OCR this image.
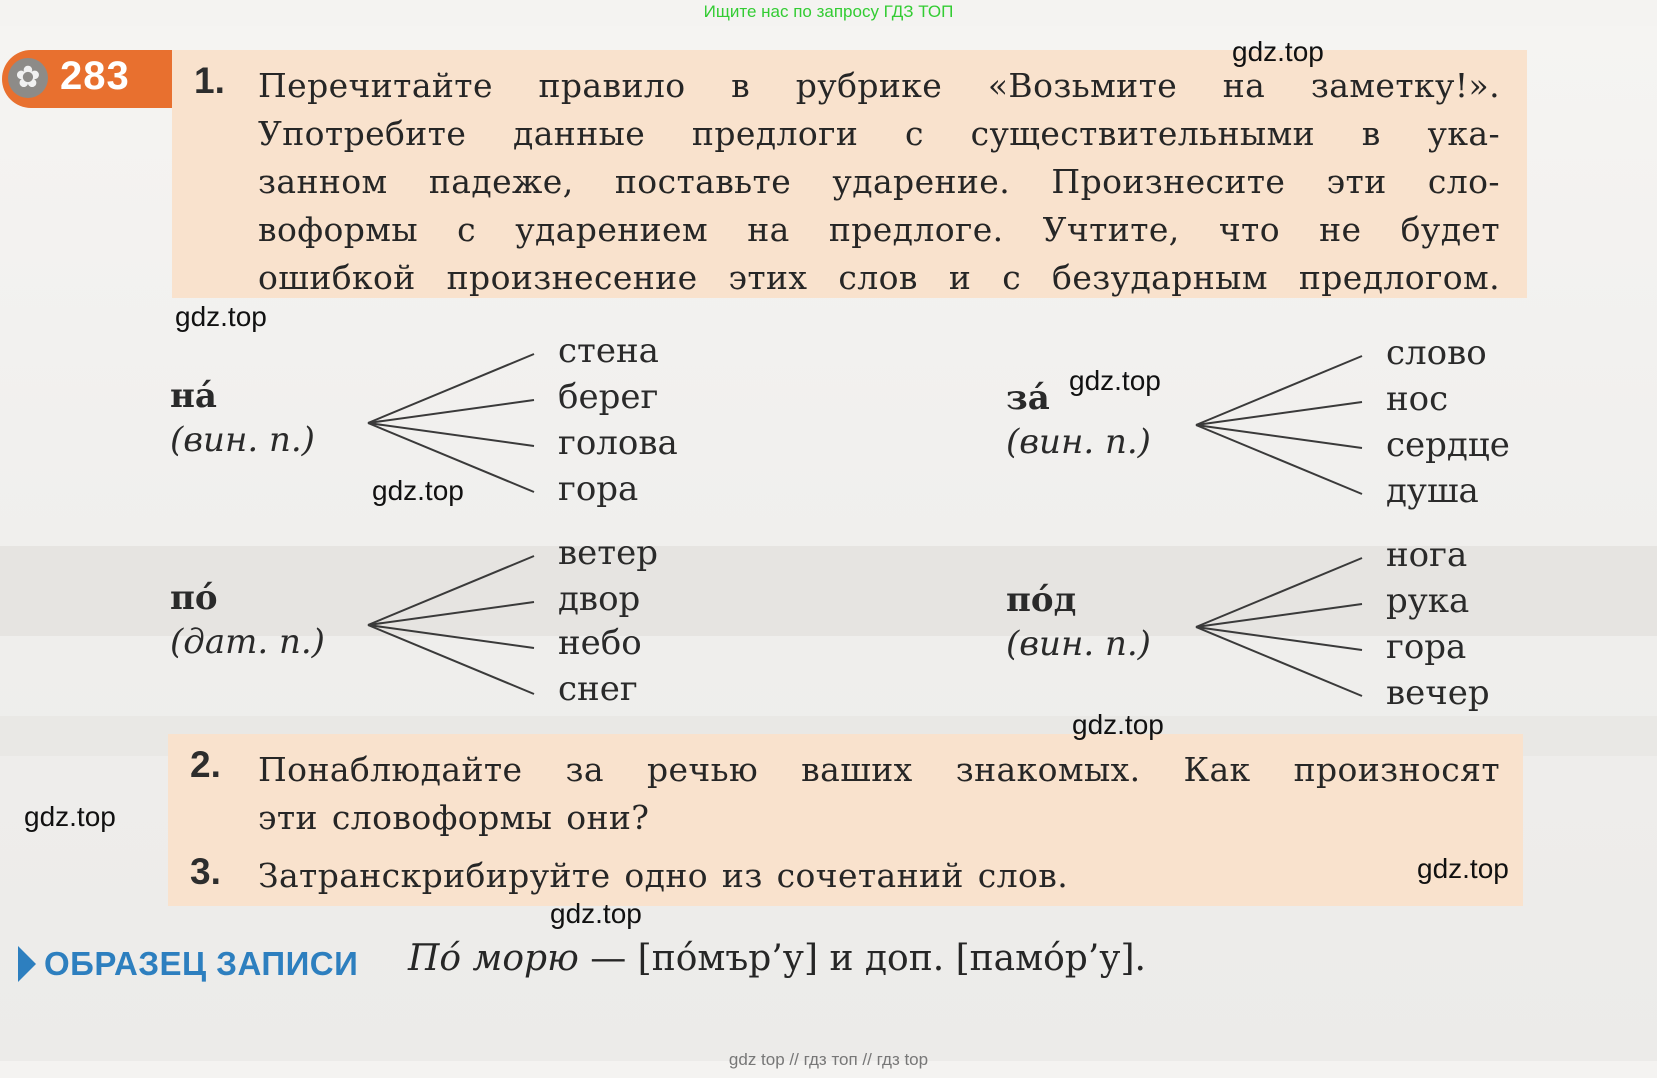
Ищите нас по запросу ГДЗ ТОП
✿ 283 1. Перечитайте правило в рубрике «Возьмите на заметку!».
Употребите данные предлоги с существительными в ука-
занном падеже, поставьте ударение. Произнесите эти сло-
воформы с ударением на предлоге. Учтите, что не будет
ошибкой произнесение этих слов и с безударным предлогом.
на́
(вин. п.)
стена
берег
голова
гора
за́
(вин. п.)
слово
нос
сердце
душа
по́
(дат. п.)
ветер
двор
небо
снег
по́д
(вин. п.)
нога
рука
гора
вечер
2. Понаблюдайте за речью ваших знакомых. Как произносят
эти словоформы они?
3. Затранскрибируйте одно из сочетаний слов.
ОБРАЗЕЦ ЗАПИСИ По́ морю — [по́мър’у] и доп. [памо́р’у].
gdz.top
gdz.top
gdz.top
gdz.top
gdz.top
gdz.top
gdz.top
gdz.top
gdz top // гдз топ // гдз top
